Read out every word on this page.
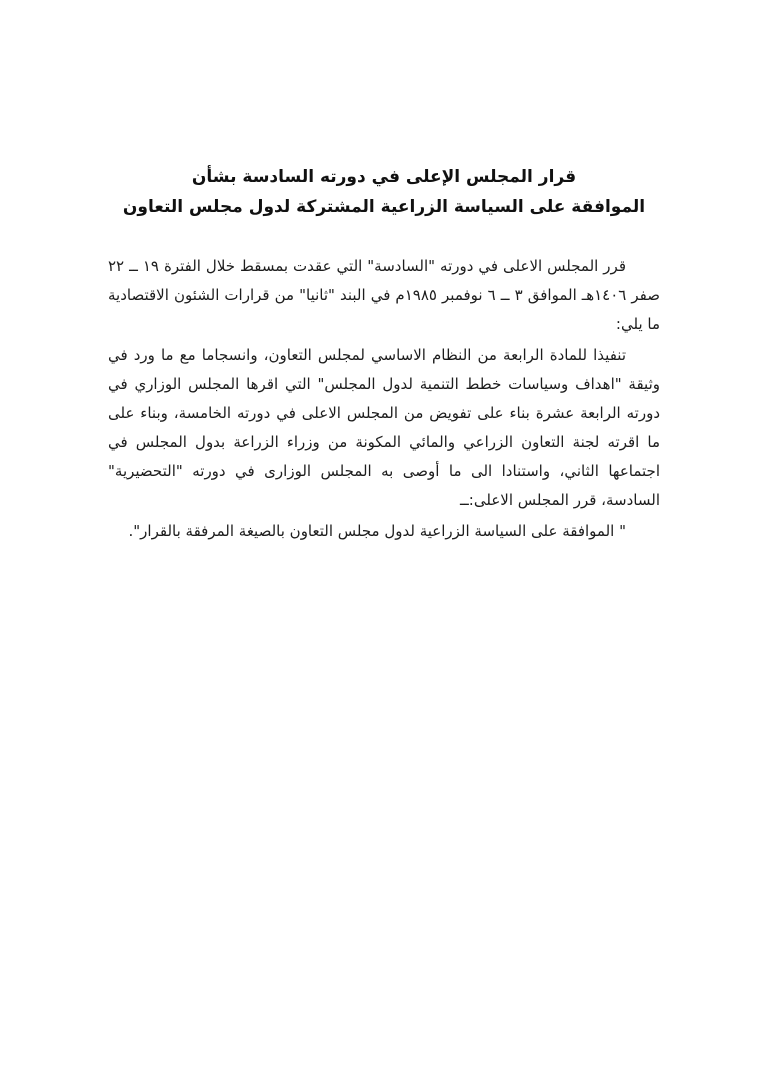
قرار المجلس الإعلى في دورته السادسة بشأن
الموافقة على السياسة الزراعية المشتركة لدول مجلس التعاون

قرر المجلس الاعلى في دورته "السادسة" التي عقدت بمسقط خلال الفترة ١٩ ــ ٢٢ صفر ١٤٠٦هـ الموافق ٣ ــ ٦ نوفمبر ١٩٨٥م في البند "ثانيا" من قرارات الشئون الاقتصادية ما يلي:

تنفيذا للمادة الرابعة من النظام الاساسي لمجلس التعاون، وانسجاما مع ما ورد في وثيقة "اهداف وسياسات خطط التنمية لدول المجلس" التي اقرها المجلس الوزاري في دورته الرابعة عشرة بناء على تفويض من المجلس الاعلى في دورته الخامسة، وبناء على ما اقرته لجنة التعاون الزراعي والمائي المكونة من وزراء الزراعة بدول المجلس في اجتماعها الثاني، واستنادا الى ما أوصى به المجلس الوزارى في دورته "التحضيرية" السادسة، قرر المجلس الاعلى:ــ

" الموافقة على السياسة الزراعية لدول مجلس التعاون بالصيغة المرفقة بالقرار".
